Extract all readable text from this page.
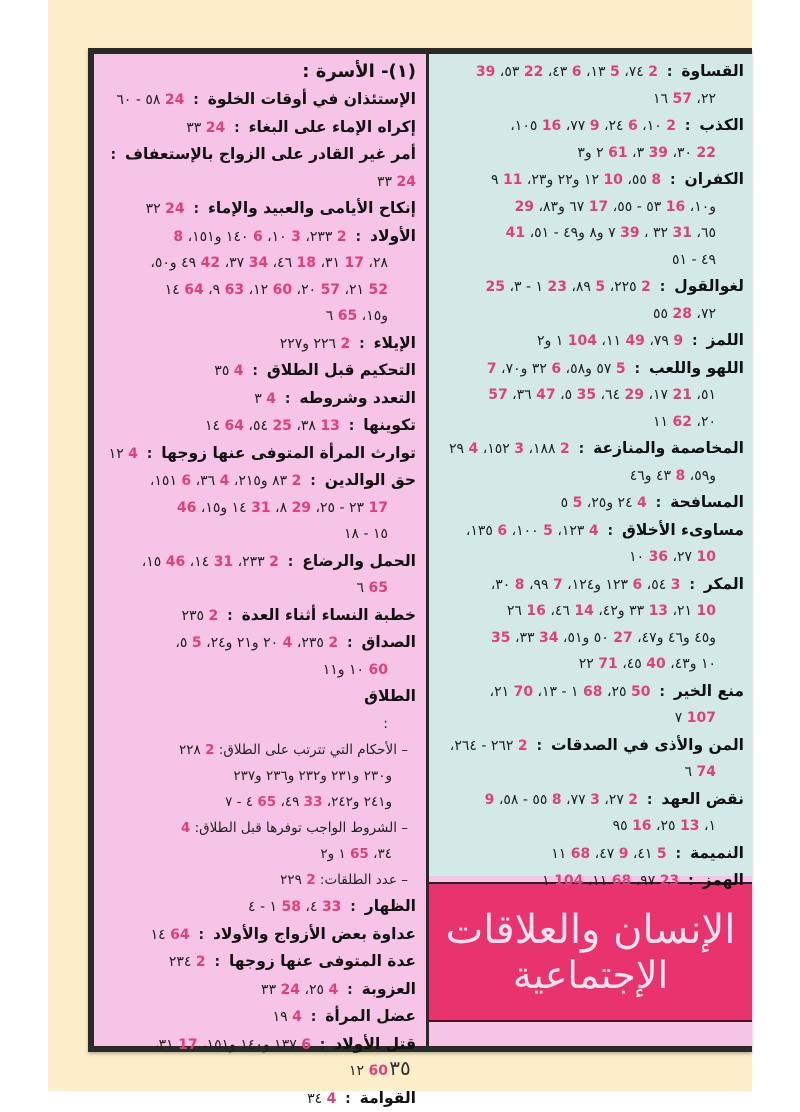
القساوة : 2 ٧٤، 5 ١٣، 6 ٤٣، 22 ٥٣، 39
٢٢، 57 ١٦
الكذب : 2 ١٠، 6 ٢٤، 9 ٧٧، 16 ١٠٥،
22 ٣٠، 39 ٣، 61 ٢ و٣
الكفران : 8 ٥٥، 10 ١٢ و٢٢ و٢٣، 11 ٩
و١٠، 16 ٥٣ - ٥٥، 17 ٦٧ و٨٣، 29
٦٥، 31 ٣٢ ، 39 ٧ و٨ و٤٩ - ٥١، 41
٤٩ - ٥١
لغوالقول : 2 ٢٢٥، 5 ٨٩، 23 ١ - ٣، 25
٧٢، 28 ٥٥
اللمز : 9 ٧٩، 49 ١١، 104 ١ و٢
اللهو واللعب : 5 ٥٧ و٥٨، 6 ٣٢ و٧٠، 7
٥١، 21 ١٧، 29 ٦٤، 35 ٥، 47 ٣٦، 57
٢٠، 62 ١١
المخاصمة والمنازعة : 2 ١٨٨، 3 ١٥٢، 4 ٢٩
و٥٩، 8 ٤٣ و٤٦
المسافحة : 4 ٢٤ و٢٥، 5 ٥
مساوىء الأخلاق : 4 ١٢٣، 5 ١٠٠، 6 ١٣٥،
10 ٢٧، 36 ١٠
المكر : 3 ٥٤، 6 ١٢٣ و١٢٤، 7 ٩٩، 8 ٣٠،
10 ٢١، 13 ٣٣ و٤٢، 14 ٤٦، 16 ٢٦
و٤٥ و٤٦ و٤٧، 27 ٥٠ و٥١، 34 ٣٣، 35
١٠ و٤٣، 40 ٤٥، 71 ٢٢
منع الخير : 50 ٢٥، 68 ١ - ١٣، 70 ٢١،
107 ٧
المن والأذى في الصدقات : 2 ٢٦٢ - ٢٦٤،
74 ٦
نقض العهد : 2 ٢٧، 3 ٧٧، 8 ٥٥ - ٥٨، 9
١، 13 ٢٥، 16 ٩٥
النميمة : 5 ٤١، 9 ٤٧، 68 ١١
الهمز : 23 ٩٧، 68 ١١، 104 ١
الإنسان والعلاقات
الإجتماعية
(١)- الأسرة :
الإستئذان في أوقات الخلوة : 24 ٥٨ - ٦٠
إكراه الإماء على البغاء : 24 ٣٣
أمر غير القادر على الزواج بالإستعفاف : 24 ٣٣
إنكاح الأيامى والعبيد والإماء : 24 ٣٢
الأولاد : 2 ٢٣٣، 3 ١٠، 6 ١٤٠ و١٥١، 8
٢٨، 17 ٣١، 18 ٤٦، 34 ٣٧، 42 ٤٩ و٥٠،
52 ٢١، 57 ٢٠، 60 ١٢، 63 ٩، 64 ١٤
و١٥، 65 ٦
الإيلاء : 2 ٢٢٦ و٢٢٧
التحكيم قبل الطلاق : 4 ٣٥
التعدد وشروطه : 4 ٣
تكوينها : 13 ٣٨، 25 ٥٤، 64 ١٤
توارث المرأة المتوفى عنها زوجها : 4 ١٢
حق الوالدين : 2 ٨٣ و٢١٥، 4 ٣٦، 6 ١٥١،
17 ٢٣ - ٢٥، 29 ٨، 31 ١٤ و١٥، 46
١٥ - ١٨
الحمل والرضاع : 2 ٢٣٣، 31 ١٤، 46 ١٥،
65 ٦
خطبة النساء أثناء العدة : 2 ٢٣٥
الصداق : 2 ٢٣٥، 4 ٢٠ و٢١ و٢٤، 5 ٥،
60 ١٠ و١١
الطلاق
:
– الأحكام التي تترتب على الطلاق: 2 ٢٢٨
و٢٣٠ و٢٣١ و٢٣٢ و٢٣٦ و٢٣٧
و٢٤١ و٢٤٢، 33 ٤٩، 65 ٤ - ٧
– الشروط الواجب توفرها قبل الطلاق: 4
٣٤، 65 ١ و٢
– عدد الطلقات: 2 ٢٢٩
الظهار : 33 ٤، 58 ١ - ٤
عداوة بعض الأزواج والأولاد : 64 ١٤
عدة المتوفى عنها زوجها : 2 ٢٣٤
العزوبة : 4 ٢٥، 24 ٣٣
عضل المرأة : 4 ١٩
قتل الأولاد : 6 ١٣٧ و١٤٠ و١٥١، 17 ٣١،
60 ١٢
القوامة : 4 ٣٤
٣٥
